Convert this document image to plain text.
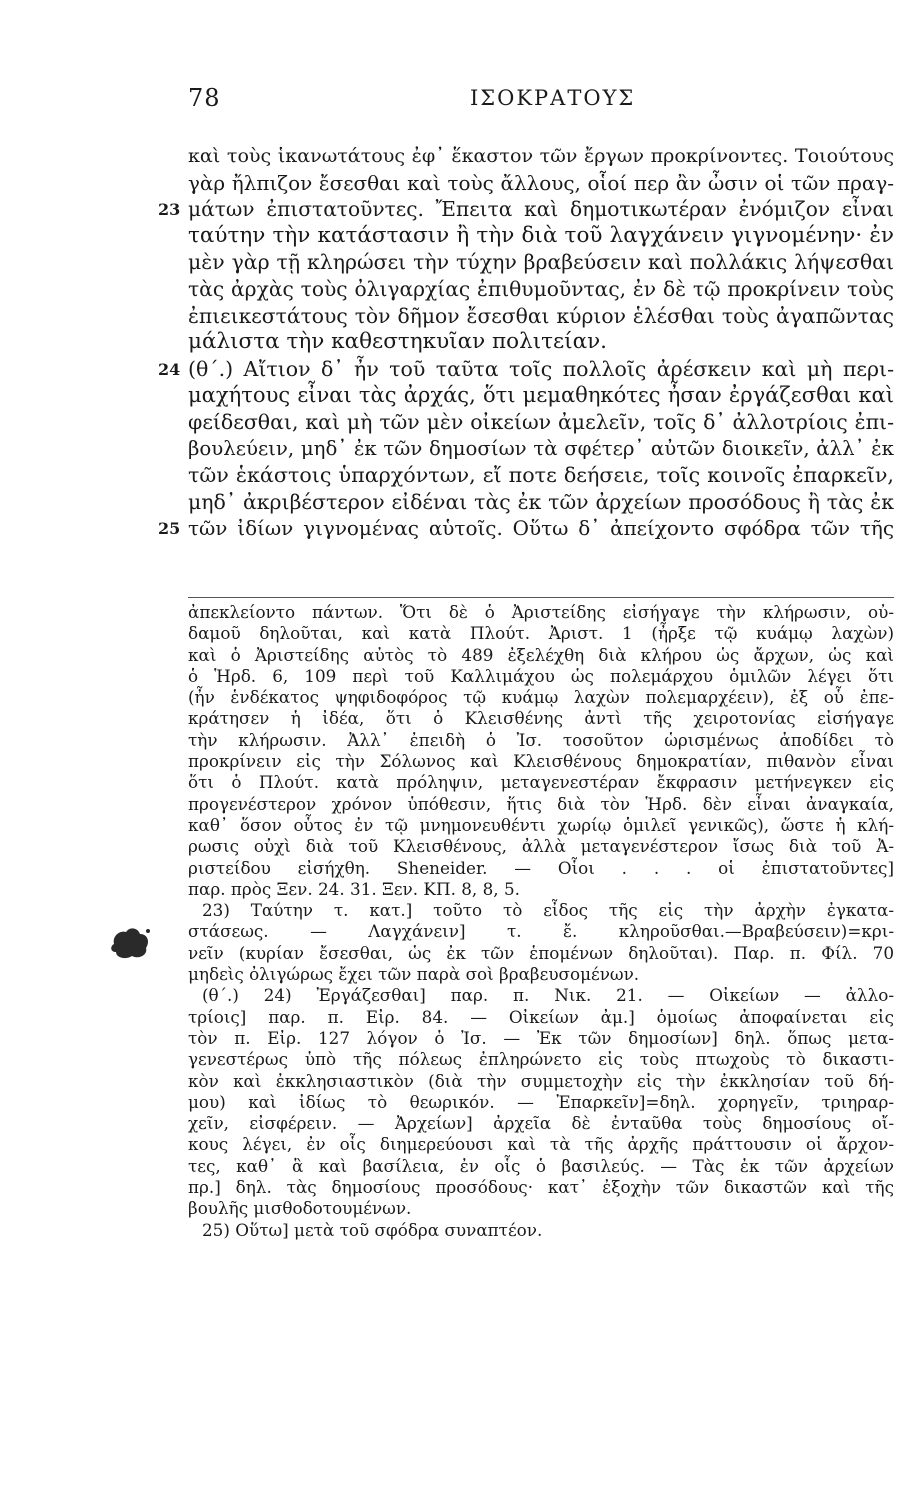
78	ΙΣΟΚΡΑΤΟΥΣ
καὶ τοὺς ἱκανωτάτους ἐφ᾿ ἕκαστον τῶν ἔργων προκρίνοντες. Τοιούτους
γὰρ ἤλπιζον ἔσεσθαι καὶ τοὺς ἄλλους, οἷοί περ ἂν ὦσιν οἱ τῶν πραγ-
23 μάτων ἐπιστατοῦντες. Ἔπειτα καὶ δημοτικωτέραν ἐνόμιζον εἶναι
ταύτην τὴν κατάστασιν ἢ τὴν διὰ τοῦ λαγχάνειν γιγνομένην· ἐν
μὲν γὰρ τῇ κληρώσει τὴν τύχην βραβεύσειν καὶ πολλάκις λήψεσθαι
τὰς ἀρχὰς τοὺς ὀλιγαρχίας ἐπιθυμοῦντας, ἐν δὲ τῷ προκρίνειν τοὺς
ἐπιεικεστάτους τὸν δῆμον ἔσεσθαι κύριον ἑλέσθαι τοὺς ἀγαπῶντας
μάλιστα τὴν καθεστηκυῖαν πολιτείαν.
24 (θ΄.) Αἴτιον δ᾿ ἦν τοῦ ταῦτα τοῖς πολλοῖς ἀρέσκειν καὶ μὴ περι-
μαχήτους εἶναι τὰς ἀρχάς, ὅτι μεμαθηκότες ἦσαν ἐργάζεσθαι καὶ
φείδεσθαι, καὶ μὴ τῶν μὲν οἰκείων ἀμελεῖν, τοῖς δ᾿ ἀλλοτρίοις ἐπι-
βουλεύειν, μηδ᾿ ἐκ τῶν δημοσίων τὰ σφέτερ᾿ αὐτῶν διοικεῖν, ἀλλ᾿ ἐκ
τῶν ἑκάστοις ὑπαρχόντων, εἴ ποτε δεήσειε, τοῖς κοινοῖς ἐπαρκεῖν,
μηδ᾿ ἀκριβέστερον εἰδέναι τὰς ἐκ τῶν ἀρχείων προσόδους ἢ τὰς ἐκ
25 τῶν ἰδίων γιγνομένας αὑτοῖς. Οὕτω δ᾿ ἀπείχοντο σφόδρα τῶν τῆς
ἀπεκλείοντο πάντων. Ὅτι δὲ ὁ Ἀριστείδης εἰσήγαγε τὴν κλήρωσιν, οὐ-
δαμοῦ δηλοῦται, καὶ κατὰ Πλούτ. Ἀριστ. 1 (ἦρξε τῷ κυάμῳ λαχὼν)
καὶ ὁ Ἀριστείδης αὐτὸς τὸ 489 ἐξελέχθη διὰ κλήρου ὡς ἄρχων, ὡς καὶ
ὁ Ἡρδ. 6, 109 περὶ τοῦ Καλλιμάχου ὡς πολεμάρχου ὁμιλῶν λέγει ὅτι
(ἦν ἑνδέκατος ψηφιδοφόρος τῷ κυάμῳ λαχὼν πολεμαρχέειν), ἐξ οὗ ἐπε-
κράτησεν ἡ ἰδέα, ὅτι ὁ Κλεισθένης ἀντὶ τῆς χειροτονίας εἰσήγαγε
τὴν κλήρωσιν. Ἀλλ᾿ ἐπειδὴ ὁ Ἰσ. τοσοῦτον ὡρισμένως ἀποδίδει τὸ
προκρίνειν εἰς τὴν Σόλωνος καὶ Κλεισθένους δημοκρατίαν, πιθανὸν εἶναι
ὅτι ὁ Πλούτ. κατὰ πρόληψιν, μεταγενεστέραν ἔκφρασιν μετήνεγκεν εἰς
προγενέστερον χρόνον ὑπόθεσιν, ἥτις διὰ τὸν Ἡρδ. δὲν εἶναι ἀναγκαία,
καθ᾿ ὅσον οὗτος ἐν τῷ μνημονευθέντι χωρίῳ ὁμιλεῖ γενικῶς), ὥστε ἡ κλή-
ρωσις οὐχὶ διὰ τοῦ Κλεισθένους, ἀλλὰ μεταγενέστερον ἴσως διὰ τοῦ Ἀ-
ριστείδου εἰσήχθη. Sheneider. — Οἷοι . . . οἱ ἐπιστατοῦντες]
παρ. πρὸς Ξεν. 24. 31. Ξεν. ΚΠ. 8, 8, 5.
23) Ταύτην τ. κατ.] τοῦτο τὸ εἶδος τῆς εἰς τὴν ἀρχὴν ἐγκατα-
στάσεως. — Λαγχάνειν] τ. ἔ. κληροῦσθαι.—Βραβεύσειν)=κρι-
νεῖν (κυρίαν ἔσεσθαι, ὡς ἐκ τῶν ἑπομένων δηλοῦται). Παρ. π. Φίλ. 70
μηδεὶς ὀλιγώρως ἔχει τῶν παρὰ σοὶ βραβευσομένων.
(θ΄.) 24) Ἐργάζεσθαι] παρ. π. Νικ. 21. — Οἰκείων — ἀλλο-
τρίοις] παρ. π. Εἰρ. 84. — Οἰκείων ἀμ.] ὁμοίως ἀποφαίνεται εἰς
τὸν π. Εἰρ. 127 λόγον ὁ Ἰσ. — Ἐκ τῶν δημοσίων] δηλ. ὅπως μετα-
γενεστέρως ὑπὸ τῆς πόλεως ἐπληρώνετο εἰς τοὺς πτωχοὺς τὸ δικαστι-
κὸν καὶ ἐκκλησιαστικὸν (διὰ τὴν συμμετοχὴν εἰς τὴν ἐκκλησίαν τοῦ δή-
μου) καὶ ἰδίως τὸ θεωρικόν. — Ἐπαρκεῖν]=δηλ. χορηγεῖν, τριηραρ-
χεῖν, εἰσφέρειν. — Ἀρχείων] ἀρχεῖα δὲ ἐνταῦθα τοὺς δημοσίους οἴ-
κους λέγει, ἐν οἷς διημερεύουσι καὶ τὰ τῆς ἀρχῆς πράττουσιν οἱ ἄρχον-
τες, καθ᾿ ἃ καὶ βασίλεια, ἐν οἷς ὁ βασιλεύς. — Τὰς ἐκ τῶν ἀρχείων
πρ.] δηλ. τὰς δημοσίους προσόδους· κατ᾿ ἐξοχὴν τῶν δικαστῶν καὶ τῆς
βουλῆς μισθοδοτουμένων.
25) Οὕτω] μετὰ τοῦ σφόδρα συναπτέον.
